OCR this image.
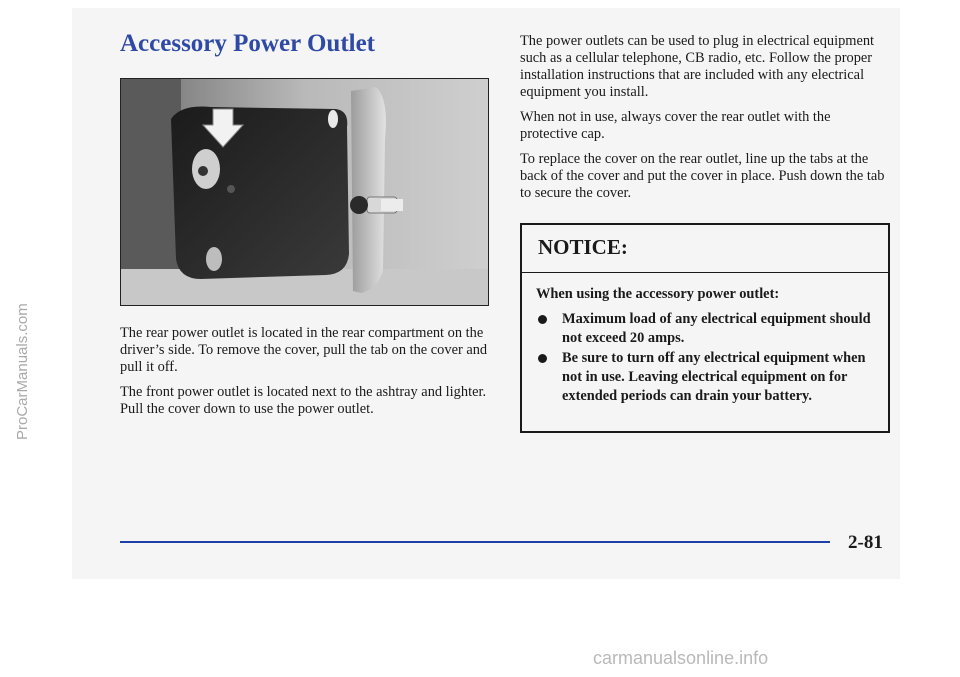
ProCarManuals.com
Accessory Power Outlet

The rear power outlet is located in the rear compartment on the driver’s side. To remove the cover, pull the tab on the cover and pull it off.

The front power outlet is located next to the ashtray and lighter. Pull the cover down to use the power outlet.

The power outlets can be used to plug in electrical equipment such as a cellular telephone, CB radio, etc. Follow the proper installation instructions that are included with any electrical equipment you install.

When not in use, always cover the rear outlet with the protective cap.

To replace the cover on the rear outlet, line up the tabs at the back of the cover and put the cover in place. Push down the tab to secure the cover.

NOTICE:

When using the accessory power outlet:

Maximum load of any electrical equipment should not exceed 20 amps.
Be sure to turn off any electrical equipment when not in use. Leaving electrical equipment on for extended periods can drain your battery.
2-81
carmanualsonline.info
